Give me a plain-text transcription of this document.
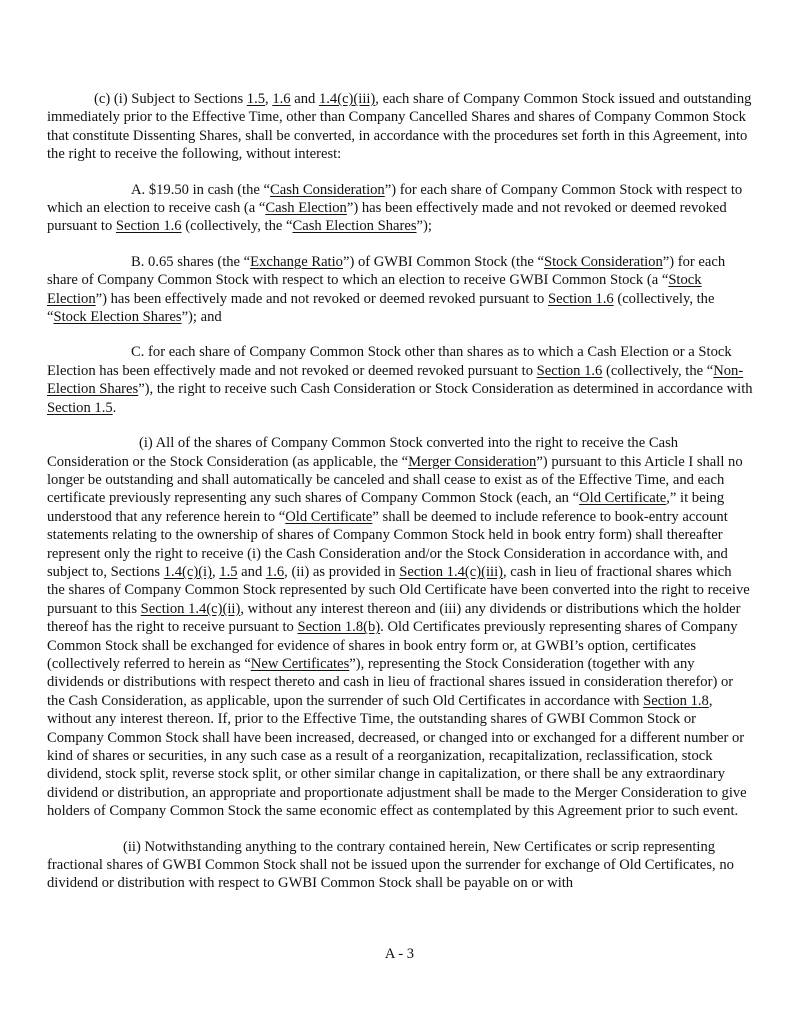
(c) (i) Subject to Sections 1.5, 1.6 and 1.4(c)(iii), each share of Company Common Stock issued and outstanding immediately prior to the Effective Time, other than Company Cancelled Shares and shares of Company Common Stock that constitute Dissenting Shares, shall be converted, in accordance with the procedures set forth in this Agreement, into the right to receive the following, without interest:

A. $19.50 in cash (the “Cash Consideration”) for each share of Company Common Stock with respect to which an election to receive cash (a “Cash Election”) has been effectively made and not revoked or deemed revoked pursuant to Section 1.6 (collectively, the “Cash Election Shares”);

B. 0.65 shares (the “Exchange Ratio”) of GWBI Common Stock (the “Stock Consideration”) for each share of Company Common Stock with respect to which an election to receive GWBI Common Stock (a “Stock Election”) has been effectively made and not revoked or deemed revoked pursuant to Section 1.6 (collectively, the “Stock Election Shares”); and

C. for each share of Company Common Stock other than shares as to which a Cash Election or a Stock Election has been effectively made and not revoked or deemed revoked pursuant to Section 1.6 (collectively, the “Non-Election Shares”), the right to receive such Cash Consideration or Stock Consideration as determined in accordance with Section 1.5.

(i) All of the shares of Company Common Stock converted into the right to receive the Cash Consideration or the Stock Consideration (as applicable, the “Merger Consideration”) pursuant to this Article I shall no longer be outstanding and shall automatically be canceled and shall cease to exist as of the Effective Time, and each certificate previously representing any such shares of Company Common Stock (each, an “Old Certificate,” it being understood that any reference herein to “Old Certificate” shall be deemed to include reference to book-entry account statements relating to the ownership of shares of Company Common Stock held in book entry form) shall thereafter represent only the right to receive (i) the Cash Consideration and/or the Stock Consideration in accordance with, and subject to, Sections 1.4(c)(i), 1.5 and 1.6, (ii) as provided in Section 1.4(c)(iii), cash in lieu of fractional shares which the shares of Company Common Stock represented by such Old Certificate have been converted into the right to receive pursuant to this Section 1.4(c)(ii), without any interest thereon and (iii) any dividends or distributions which the holder thereof has the right to receive pursuant to Section 1.8(b). Old Certificates previously representing shares of Company Common Stock shall be exchanged for evidence of shares in book entry form or, at GWBI’s option, certificates (collectively referred to herein as “New Certificates”), representing the Stock Consideration (together with any dividends or distributions with respect thereto and cash in lieu of fractional shares issued in consideration therefor) or the Cash Consideration, as applicable, upon the surrender of such Old Certificates in accordance with Section 1.8, without any interest thereon. If, prior to the Effective Time, the outstanding shares of GWBI Common Stock or Company Common Stock shall have been increased, decreased, or changed into or exchanged for a different number or kind of shares or securities, in any such case as a result of a reorganization, recapitalization, reclassification, stock dividend, stock split, reverse stock split, or other similar change in capitalization, or there shall be any extraordinary dividend or distribution, an appropriate and proportionate adjustment shall be made to the Merger Consideration to give holders of Company Common Stock the same economic effect as contemplated by this Agreement prior to such event.

(ii) Notwithstanding anything to the contrary contained herein, New Certificates or scrip representing fractional shares of GWBI Common Stock shall not be issued upon the surrender for exchange of Old Certificates, no dividend or distribution with respect to GWBI Common Stock shall be payable on or with

A - 3
